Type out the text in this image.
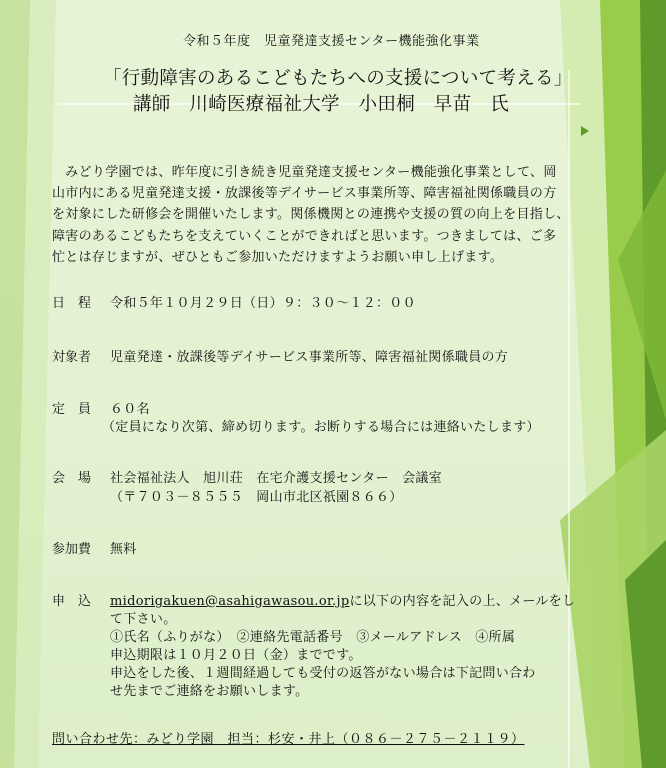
令和５年度　児童発達支援センター機能強化事業
「行動障害のあるこどもたちへの支援について考える」
講師　川崎医療福祉大学　小田桐　早苗　氏
　みどり学園では、昨年度に引き続き児童発達支援センター機能強化事業として、岡
山市内にある児童発達支援・放課後等デイサービス事業所等、障害福祉関係職員の方
を対象にした研修会を開催いたします。関係機関との連携や支援の質の向上を目指し、
障害のあるこどもたちを支えていくことができればと思います。つきましては、ご多
忙とは存じますが、ぜひともご参加いただけますようお願い申し上げます。
日　程 令和５年１０月２９日（日）９：３０～１２：００
対象者 児童発達・放課後等デイサービス事業所等、障害福祉関係職員の方
定　員 ６０名
（定員になり次第、締め切ります。お断りする場合には連絡いたします）
会　場 社会福祉法人　旭川荘　在宅介護支援センター　会議室
（〒７０３－８５５５　岡山市北区祇園８６６）
参加費 無料
申　込 midorigakuen@asahigawasou.or.jpに以下の内容を記入の上、メールをし
て下さい。
①氏名（ふりがな）　②連絡先電話番号　③メールアドレス　④所属
申込期限は１０月２０日（金）までです。
申込をした後、１週間経過しても受付の返答がない場合は下記問い合わ
せ先までご連絡をお願いします。
問い合わせ先：みどり学園　担当：杉安・井上（０８６－２７５－２１１９）
